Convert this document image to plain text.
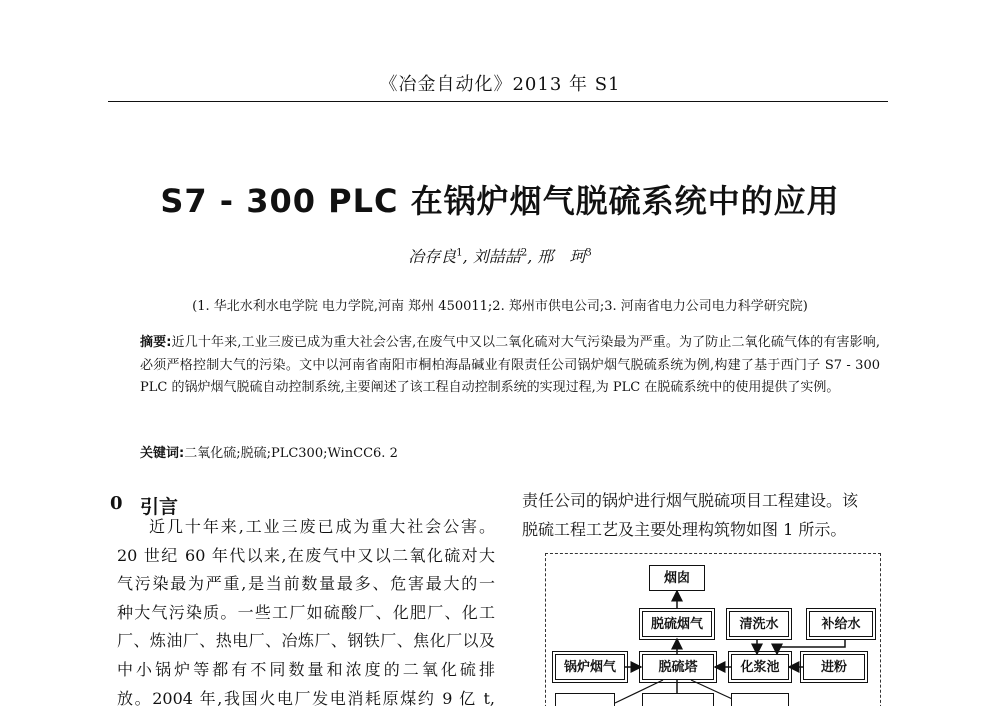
《冶金自动化》2013 年 S1
S7 - 300 PLC 在锅炉烟气脱硫系统中的应用
冶存良$^1$, 刘喆喆$^2$, 邢　珂$^3$
(1. 华北水利水电学院 电力学院,河南 郑州 450011;2. 郑州市供电公司;3. 河南省电力公司电力科学研究院)
摘要:近几十年来,工业三废已成为重大社会公害,在废气中又以二氧化硫对大气污染最为严重。为了防止二氧化硫气体的有害影响,必须严格控制大气的污染。文中以河南省南阳市桐柏海晶碱业有限责任公司锅炉烟气脱硫系统为例,构建了基于西门子 S7 - 300 PLC 的锅炉烟气脱硫自动控制系统,主要阐述了该工程自动控制系统的实现过程,为 PLC 在脱硫系统中的使用提供了实例。
关键词:二氧化硫;脱硫;PLC300;WinCC6. 2
0 引言
近几十年来,工业三废已成为重大社会公害。
20 世纪 60 年代以来,在废气中又以二氧化硫对大
气污染最为严重,是当前数量最多、危害最大的一
种大气污染质。一些工厂如硫酸厂、化肥厂、化工
厂、炼油厂、热电厂、冶炼厂、钢铁厂、焦化厂以及
中小锅炉等都有不同数量和浓度的二氧化硫排
放。2004 年,我国火电厂发电消耗原煤约 9 亿 t,
责任公司的锅炉进行烟气脱硫项目工程建设。该
脱硫工程工艺及主要处理构筑物如图 1 所示。
烟囱
脱硫烟气	清洗水	补给水
锅炉烟气	脱硫塔	化浆池	进粉
